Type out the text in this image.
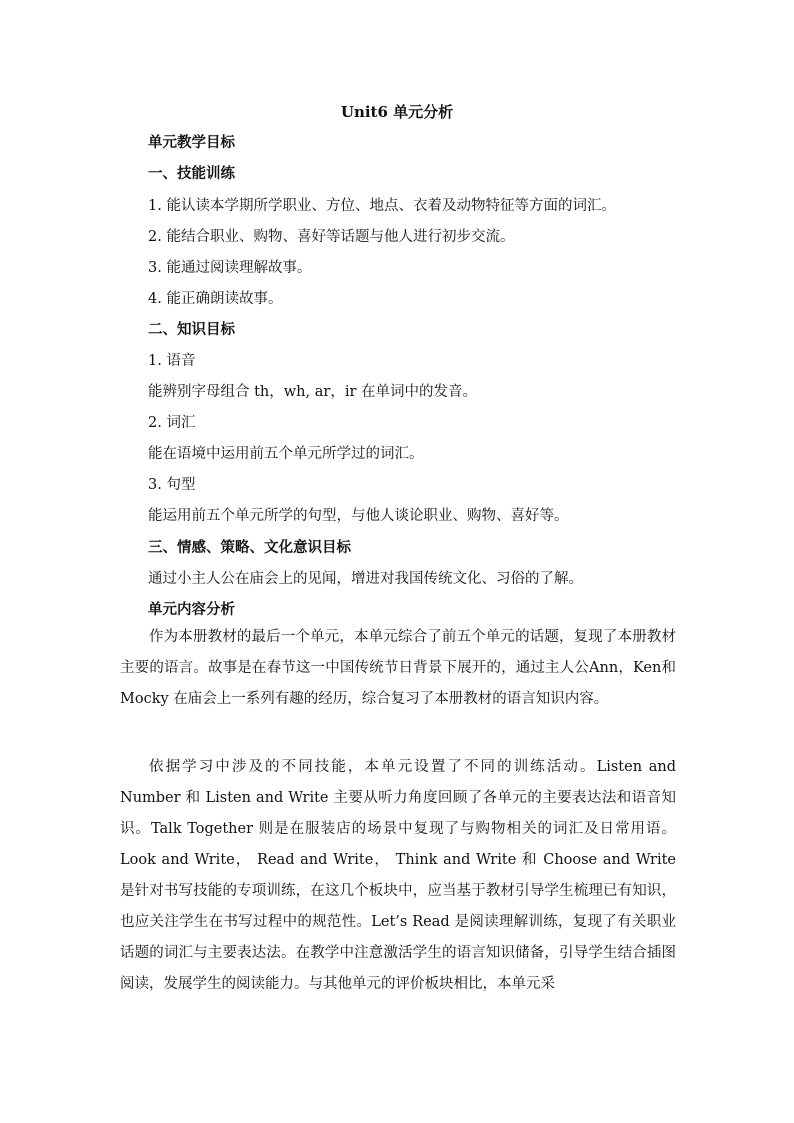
Unit6 单元分析
单元教学目标
一、技能训练
1. 能认读本学期所学职业、方位、地点、衣着及动物特征等方面的词汇。
2. 能结合职业、购物、喜好等话题与他人进行初步交流。
3. 能通过阅读理解故事。
4. 能正确朗读故事。
二、知识目标
1. 语音
能辨别字母组合 th，wh, ar，ir 在单词中的发音。
2. 词汇
能在语境中运用前五个单元所学过的词汇。
3. 句型
能运用前五个单元所学的句型，与他人谈论职业、购物、喜好等。
三、情感、策略、文化意识目标
通过小主人公在庙会上的见闻，增进对我国传统文化、习俗的了解。
单元内容分析

作为本册教材的最后一个单元，本单元综合了前五个单元的话题，复现了本册教材主要的语言。故事是在春节这一中国传统节日背景下展开的，通过主人公Ann，Ken和 Mocky 在庙会上一系列有趣的经历，综合复习了本册教材的语言知识内容。

依据学习中涉及的不同技能，本单元设置了不同的训练活动。Listen and Number 和 Listen and Write 主要从听力角度回顾了各单元的主要表达法和语音知识。Talk Together 则是在服装店的场景中复现了与购物相关的词汇及日常用语。Look and Write， Read and Write， Think and Write 和 Choose and Write 是针对书写技能的专项训练，在这几个板块中，应当基于教材引导学生梳理已有知识，也应关注学生在书写过程中的规范性。Let’s Read 是阅读理解训练，复现了有关职业话题的词汇与主要表达法。在教学中注意激活学生的语言知识储备，引导学生结合插图阅读，发展学生的阅读能力。与其他单元的评价板块相比，本单元采
